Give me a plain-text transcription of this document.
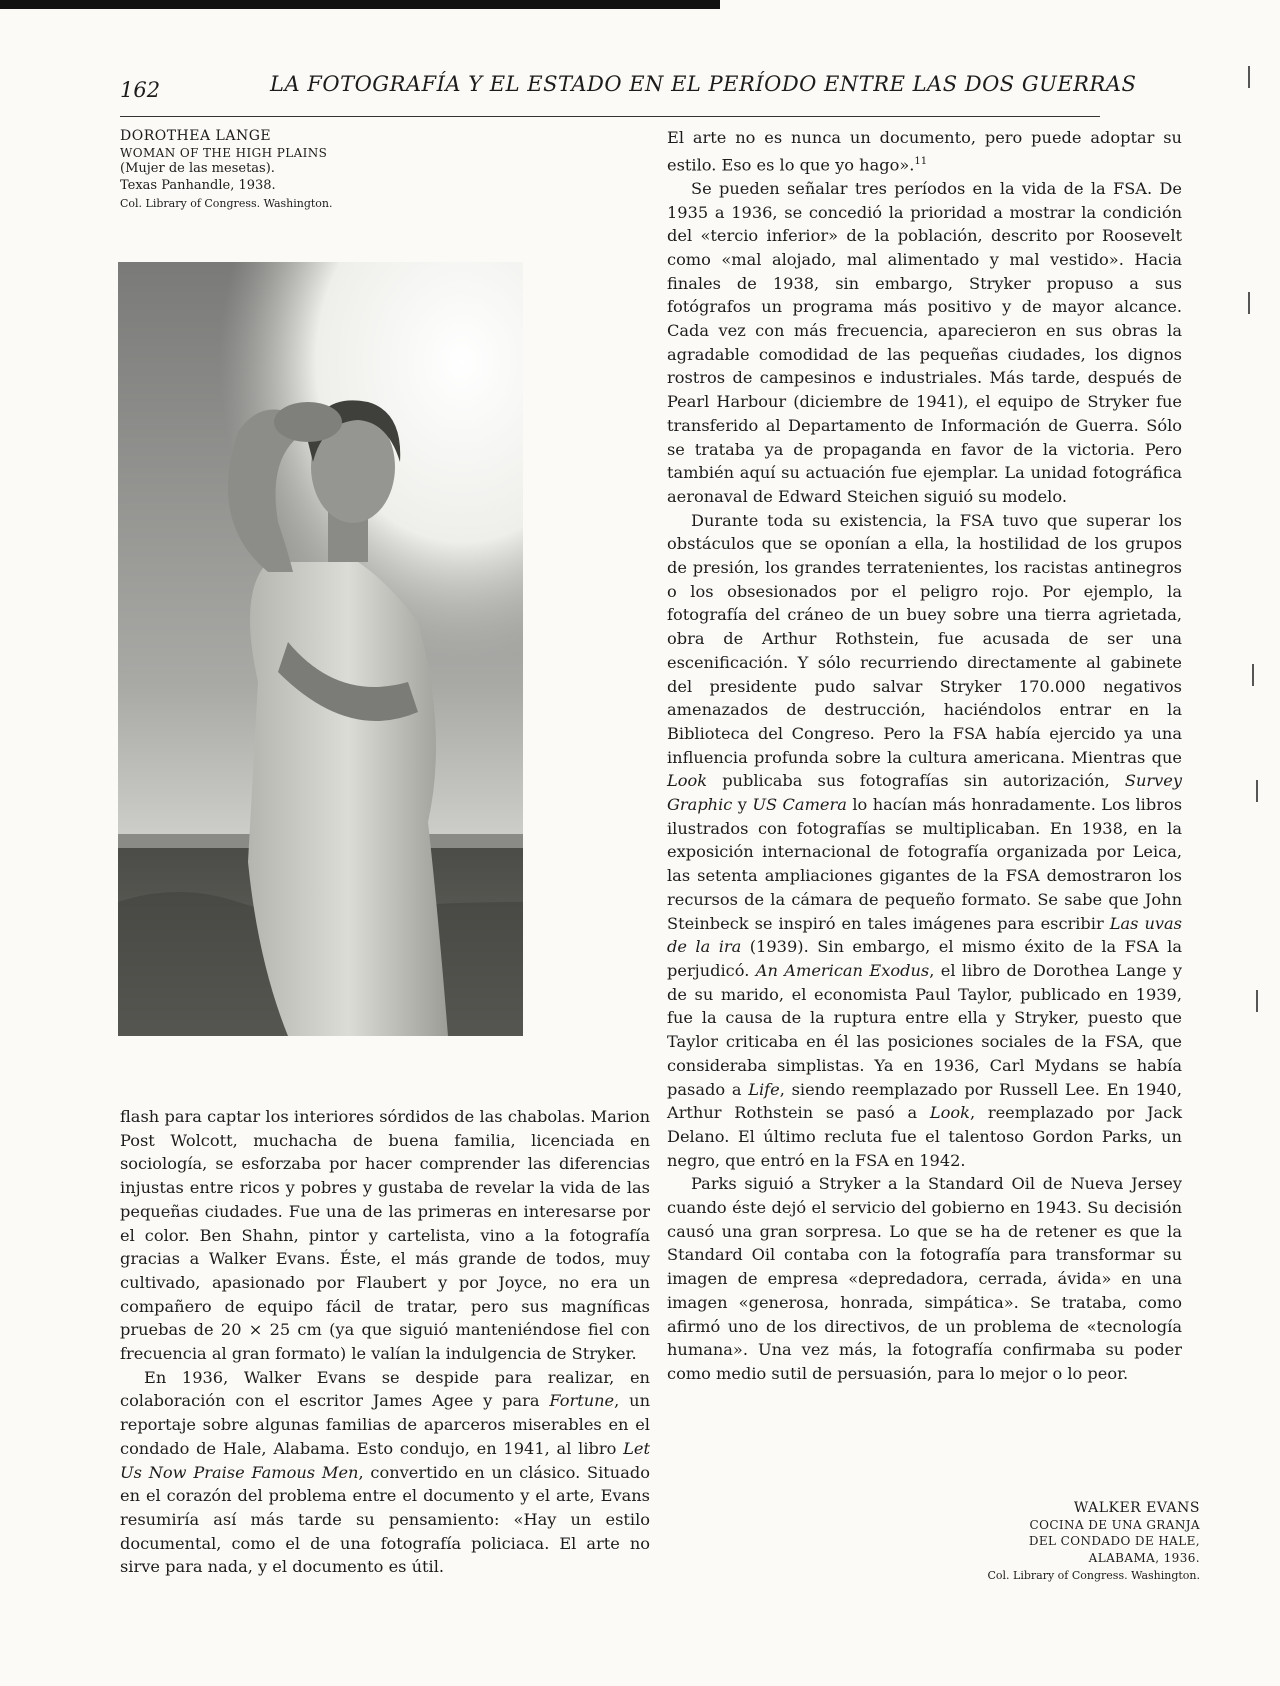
162	LA FOTOGRAFÍA Y EL ESTADO EN EL PERÍODO ENTRE LAS DOS GUERRAS
DOROTHEA LANGE
WOMAN OF THE HIGH PLAINS
(Mujer de las mesetas).
Texas Panhandle, 1938.
Col. Library of Congress. Washington.

flash para captar los interiores sórdidos de las chabolas. Marion Post Wolcott, muchacha de buena familia, licenciada en sociología, se esforzaba por hacer comprender las diferencias injustas entre ricos y pobres y gustaba de revelar la vida de las pequeñas ciudades. Fue una de las primeras en interesarse por el color. Ben Shahn, pintor y cartelista, vino a la fotografía gracias a Walker Evans. Éste, el más grande de todos, muy cultivado, apasionado por Flaubert y por Joyce, no era un compañero de equipo fácil de tratar, pero sus magníficas pruebas de 20 × 25 cm (ya que siguió manteniéndose fiel con frecuencia al gran formato) le valían la indulgencia de Stryker.

En 1936, Walker Evans se despide para realizar, en colaboración con el escritor James Agee y para Fortune, un reportaje sobre algunas familias de aparceros miserables en el condado de Hale, Alabama. Esto condujo, en 1941, al libro Let Us Now Praise Famous Men, convertido en un clásico. Situado en el corazón del problema entre el documento y el arte, Evans resumiría así más tarde su pensamiento: «Hay un estilo documental, como el de una fotografía policiaca. El arte no sirve para nada, y el documento es útil.

El arte no es nunca un documento, pero puede adoptar su estilo. Eso es lo que yo hago».$^{11}$

Se pueden señalar tres períodos en la vida de la FSA. De 1935 a 1936, se concedió la prioridad a mostrar la condición del «tercio inferior» de la población, descrito por Roosevelt como «mal alojado, mal alimentado y mal vestido». Hacia finales de 1938, sin embargo, Stryker propuso a sus fotógrafos un programa más positivo y de mayor alcance. Cada vez con más frecuencia, aparecieron en sus obras la agradable comodidad de las pequeñas ciudades, los dignos rostros de campesinos e industriales. Más tarde, después de Pearl Harbour (diciembre de 1941), el equipo de Stryker fue transferido al Departamento de Información de Guerra. Sólo se trataba ya de propaganda en favor de la victoria. Pero también aquí su actuación fue ejemplar. La unidad fotográfica aeronaval de Edward Steichen siguió su modelo.

Durante toda su existencia, la FSA tuvo que superar los obstáculos que se oponían a ella, la hostilidad de los grupos de presión, los grandes terratenientes, los racistas antinegros o los obsesionados por el peligro rojo. Por ejemplo, la fotografía del cráneo de un buey sobre una tierra agrietada, obra de Arthur Rothstein, fue acusada de ser una escenificación. Y sólo recurriendo directamente al gabinete del presidente pudo salvar Stryker 170.000 negativos amenazados de destrucción, haciéndolos entrar en la Biblioteca del Congreso. Pero la FSA había ejercido ya una influencia profunda sobre la cultura americana. Mientras que Look publicaba sus fotografías sin autorización, Survey Graphic y US Camera lo hacían más honradamente. Los libros ilustrados con fotografías se multiplicaban. En 1938, en la exposición internacional de fotografía organizada por Leica, las setenta ampliaciones gigantes de la FSA demostraron los recursos de la cámara de pequeño formato. Se sabe que John Steinbeck se inspiró en tales imágenes para escribir Las uvas de la ira (1939). Sin embargo, el mismo éxito de la FSA la perjudicó. An American Exodus, el libro de Dorothea Lange y de su marido, el economista Paul Taylor, publicado en 1939, fue la causa de la ruptura entre ella y Stryker, puesto que Taylor criticaba en él las posiciones sociales de la FSA, que consideraba simplistas. Ya en 1936, Carl Mydans se había pasado a Life, siendo reemplazado por Russell Lee. En 1940, Arthur Rothstein se pasó a Look, reemplazado por Jack Delano. El último recluta fue el talentoso Gordon Parks, un negro, que entró en la FSA en 1942.

Parks siguió a Stryker a la Standard Oil de Nueva Jersey cuando éste dejó el servicio del gobierno en 1943. Su decisión causó una gran sorpresa. Lo que se ha de retener es que la Standard Oil contaba con la fotografía para transformar su imagen de empresa «depredadora, cerrada, ávida» en una imagen «generosa, honrada, simpática». Se trataba, como afirmó uno de los directivos, de un problema de «tecnología humana». Una vez más, la fotografía confirmaba su poder como medio sutil de persuasión, para lo mejor o lo peor.

WALKER EVANS
COCINA DE UNA GRANJA
DEL CONDADO DE HALE,
ALABAMA, 1936.
Col. Library of Congress. Washington.
